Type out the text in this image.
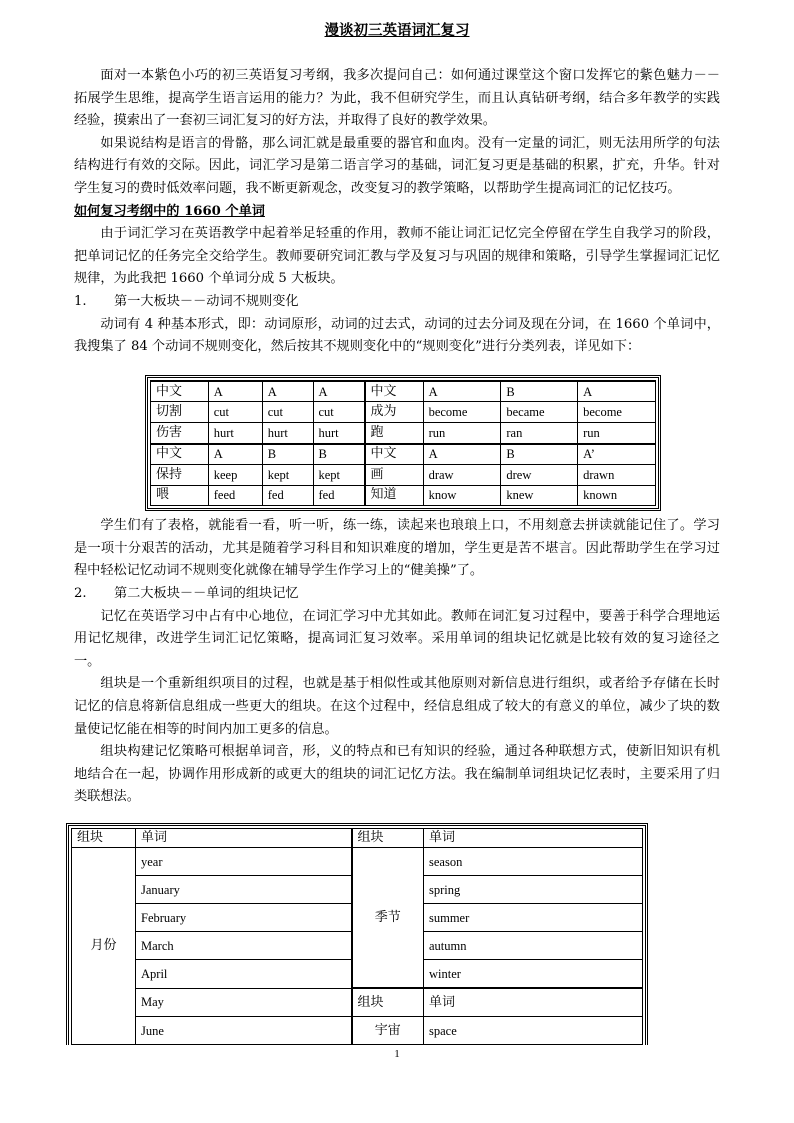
漫谈初三英语词汇复习

面对一本紫色小巧的初三英语复习考纲，我多次提问自己：如何通过课堂这个窗口发挥它的紫色魅力－－拓展学生思维，提高学生语言运用的能力？为此，我不但研究学生，而且认真钻研考纲，结合多年教学的实践经验，摸索出了一套初三词汇复习的好方法，并取得了良好的教学效果。

如果说结构是语言的骨骼，那么词汇就是最重要的器官和血肉。没有一定量的词汇，则无法用所学的句法结构进行有效的交际。因此，词汇学习是第二语言学习的基础，词汇复习更是基础的积累，扩充，升华。针对学生复习的费时低效率问题，我不断更新观念，改变复习的教学策略，以帮助学生提高词汇的记忆技巧。

如何复习考纲中的 1660 个单词

由于词汇学习在英语教学中起着举足轻重的作用，教师不能让词汇记忆完全停留在学生自我学习的阶段，把单词记忆的任务完全交给学生。教师要研究词汇教与学及复习与巩固的规律和策略，引导学生掌握词汇记忆规律，为此我把 1660 个单词分成 5 大板块。

1.	第一大板块－－动词不规则变化

动词有 4 种基本形式，即：动词原形，动词的过去式，动词的过去分词及现在分词，在 1660 个单词中，我搜集了 84 个动词不规则变化，然后按其不规则变化中的“规则变化”进行分类列表，详见如下：

中文	A	A	A	中文	A	B	A
切割	cut	cut	cut	成为	become	became	become
伤害	hurt	hurt	hurt	跑	run	ran	run
中文	A	B	B	中文	A	B	A’
保持	keep	kept	kept	画	draw	drew	drawn
喂	feed	fed	fed	知道	know	knew	known

学生们有了表格，就能看一看，听一听，练一练，读起来也琅琅上口，不用刻意去拼读就能记住了。学习是一项十分艰苦的活动，尤其是随着学习科目和知识难度的增加，学生更是苦不堪言。因此帮助学生在学习过程中轻松记忆动词不规则变化就像在辅导学生作学习上的“健美操”了。

2.	第二大板块－－单词的组块记忆

记忆在英语学习中占有中心地位，在词汇学习中尤其如此。教师在词汇复习过程中，要善于科学合理地运用记忆规律，改进学生词汇记忆策略，提高词汇复习效率。采用单词的组块记忆就是比较有效的复习途径之一。

组块是一个重新组织项目的过程，也就是基于相似性或其他原则对新信息进行组织，或者给予存储在长时记忆的信息将新信息组成一些更大的组块。在这个过程中，经信息组成了较大的有意义的单位，减少了块的数量使记忆能在相等的时间内加工更多的信息。

组块构建记忆策略可根据单词音，形，义的特点和已有知识的经验，通过各种联想方式，使新旧知识有机地结合在一起，协调作用形成新的或更大的组块的词汇记忆方法。我在编制单词组块记忆表时，主要采用了归类联想法。

组块	单词	组块	单词
月份	year	季节	season
	January		spring
	February		summer
	March		autumn
	April		winter
	May	组块	单词
	June	宇宙	space
1
